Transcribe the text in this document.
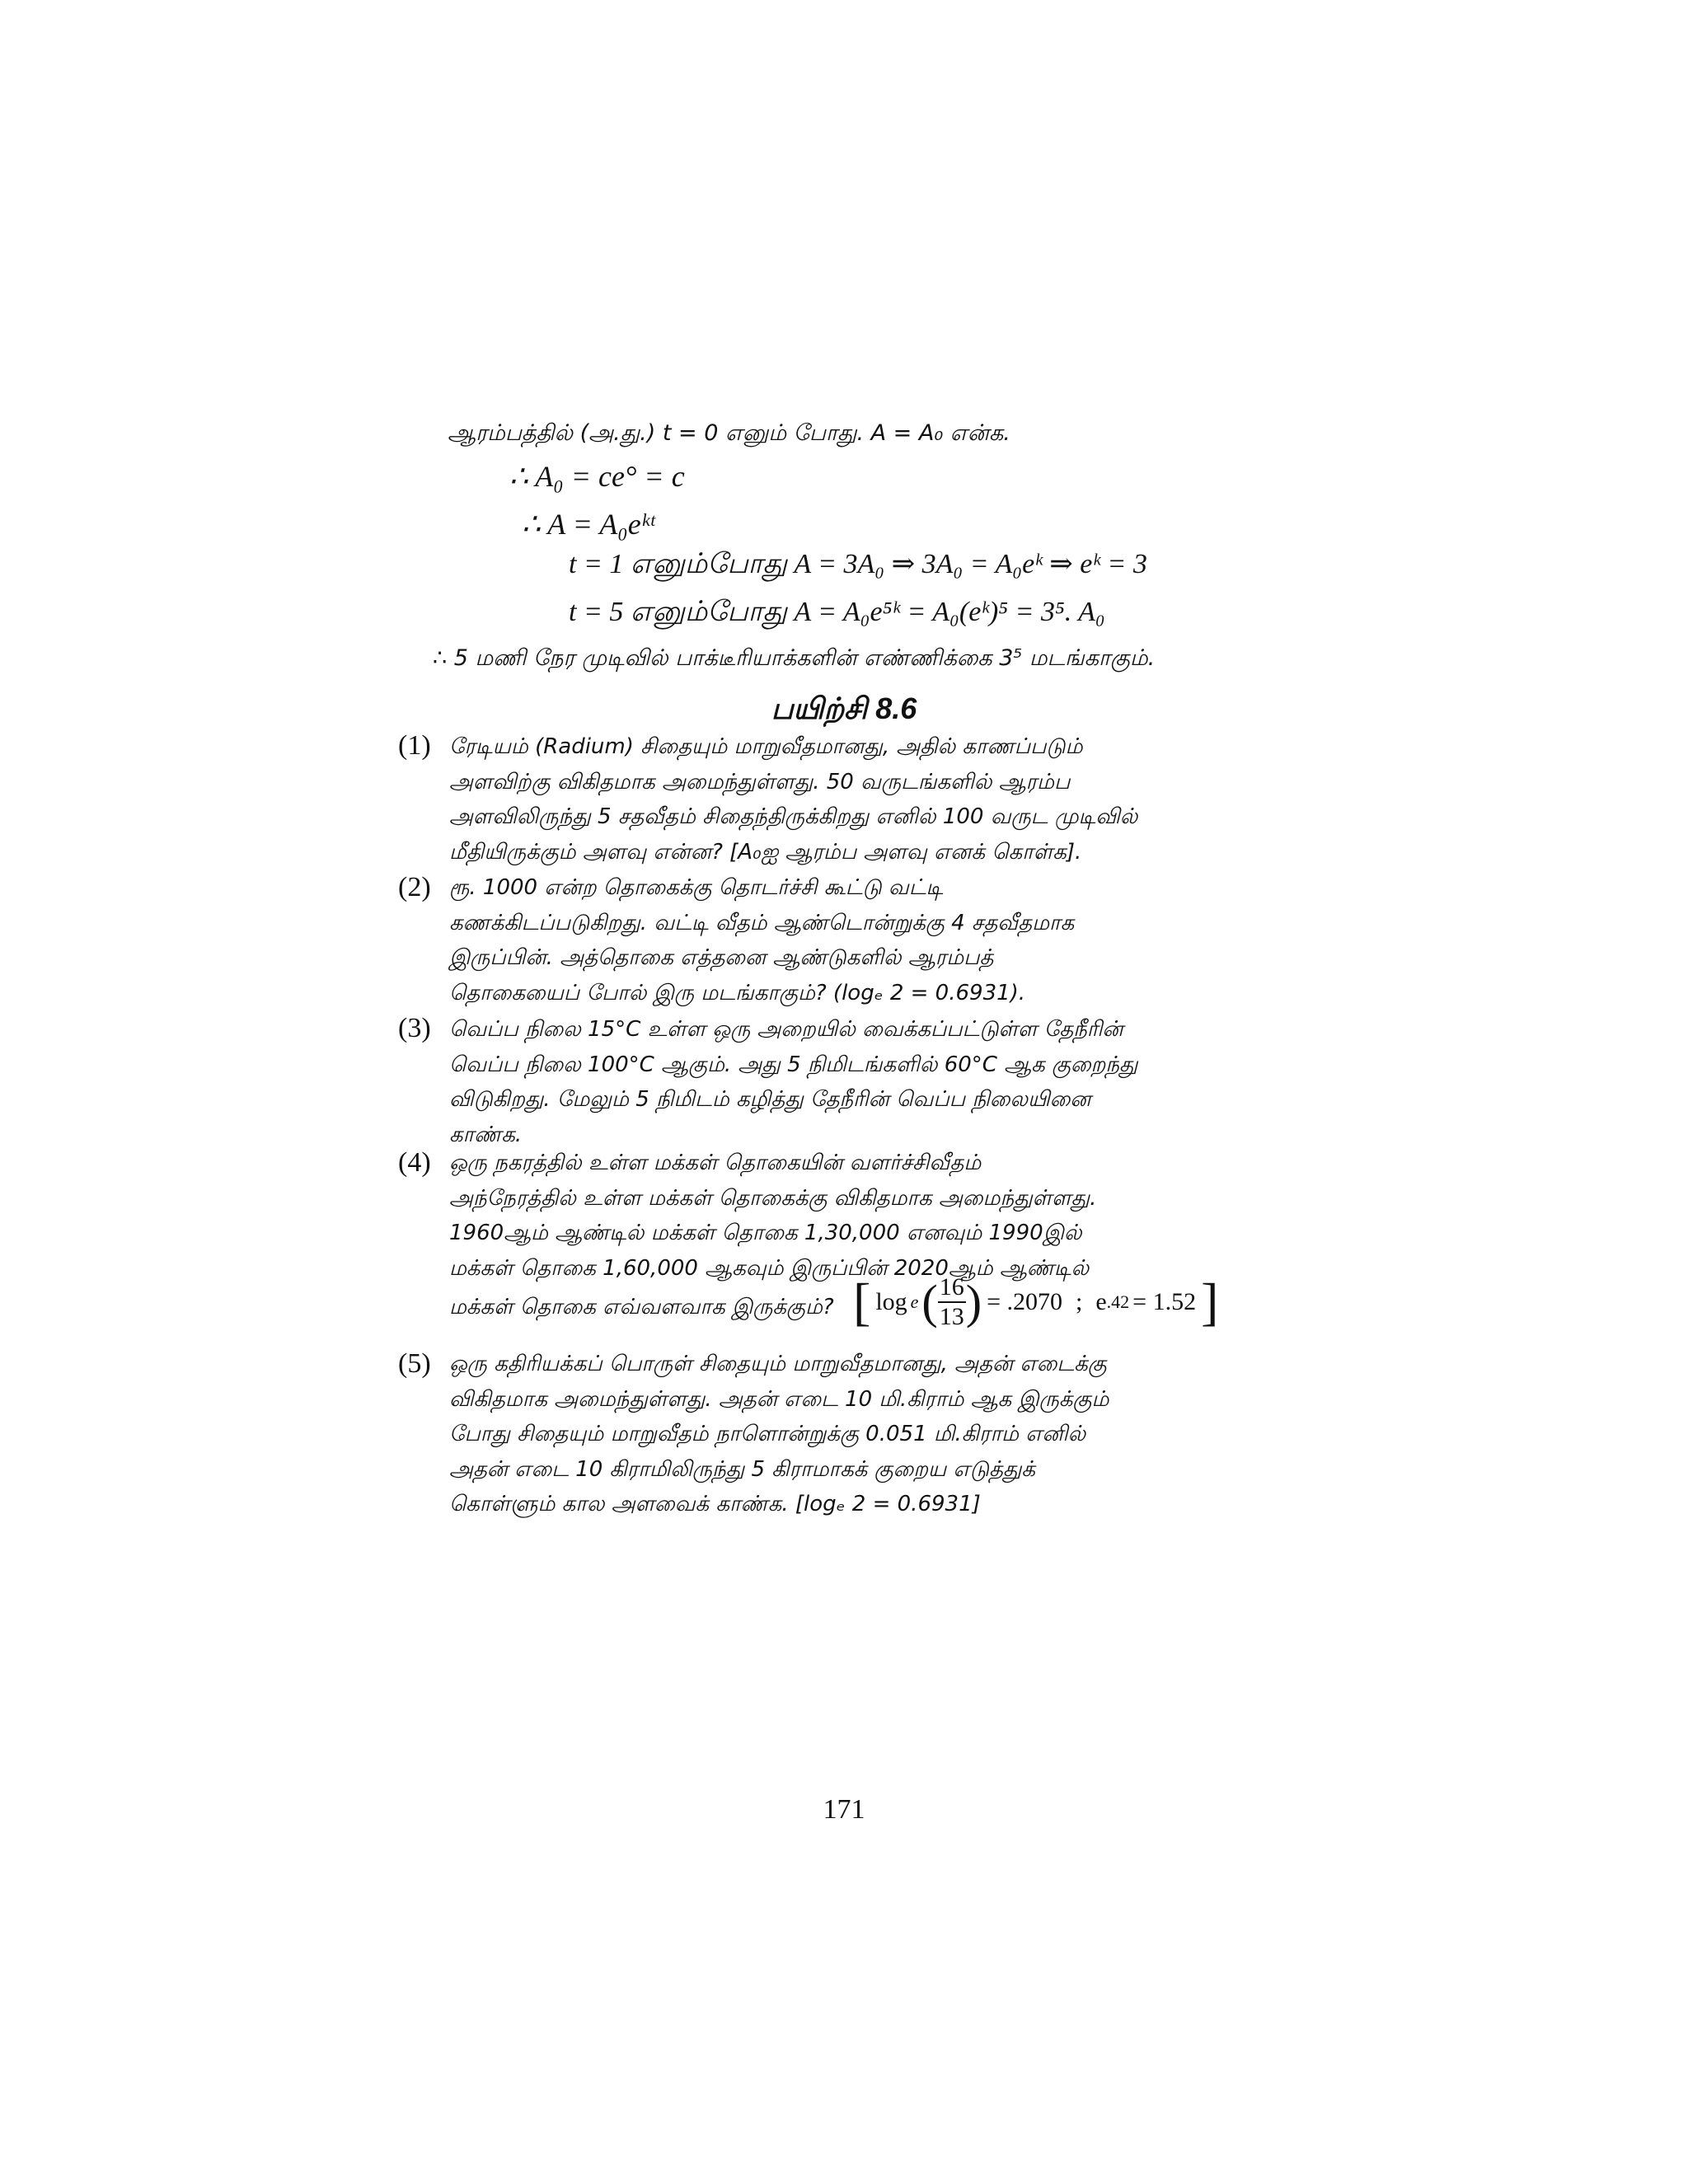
ஆரம்பத்தில் (அ.து.) t = 0 எனும் போது. A = A₀ என்க.
∴ A₀ = ce° = c
∴ A = A₀eᵏᵗ
t = 1 எனும்போது A = 3A₀ ⇒ 3A₀ = A₀eᵏ ⇒ eᵏ = 3
t = 5 எனும்போது A = A₀e⁵ᵏ = A₀(eᵏ)⁵ = 3⁵. A₀
∴ 5 மணி நேர முடிவில் பாக்டீரியாக்களின் எண்ணிக்கை 3⁵ மடங்காகும்.
பயிற்சி 8.6
(1) ரேடியம் (Radium) சிதையும் மாறுவீதமானது, அதில் காணப்படும்
அளவிற்கு விகிதமாக அமைந்துள்ளது. 50 வருடங்களில் ஆரம்ப
அளவிலிருந்து 5 சதவீதம் சிதைந்திருக்கிறது எனில் 100 வருட முடிவில்
மீதியிருக்கும் அளவு என்ன? [A₀ஐ ஆரம்ப அளவு எனக் கொள்க].
(2) ரூ. 1000 என்ற தொகைக்கு தொடர்ச்சி கூட்டு வட்டி
கணக்கிடப்படுகிறது. வட்டி வீதம் ஆண்டொன்றுக்கு 4 சதவீதமாக
இருப்பின். அத்தொகை எத்தனை ஆண்டுகளில் ஆரம்பத்
தொகையைப் போல் இரு மடங்காகும்? (logₑ 2 = 0.6931).
(3) வெப்ப நிலை 15°C உள்ள ஒரு அறையில் வைக்கப்பட்டுள்ள தேநீரின்
வெப்ப நிலை 100°C ஆகும். அது 5 நிமிடங்களில் 60°C ஆக குறைந்து
விடுகிறது. மேலும் 5 நிமிடம் கழித்து தேநீரின் வெப்ப நிலையினை
காண்க.
(4) ஒரு நகரத்தில் உள்ள மக்கள் தொகையின் வளர்ச்சிவீதம்
அந்நேரத்தில் உள்ள மக்கள் தொகைக்கு விகிதமாக அமைந்துள்ளது.
1960ஆம் ஆண்டில் மக்கள் தொகை 1,30,000 எனவும் 1990இல்
மக்கள் தொகை 1,60,000 ஆகவும் இருப்பின் 2020ஆம் ஆண்டில்
மக்கள் தொகை எவ்வளவாக இருக்கும்? [ log e ( $\frac{16}{13}$ ) = .2070 ; e .42 = 1.52 ]
(5) ஒரு கதிரியக்கப் பொருள் சிதையும் மாறுவீதமானது, அதன் எடைக்கு
விகிதமாக அமைந்துள்ளது. அதன் எடை 10 மி.கிராம் ஆக இருக்கும்
போது சிதையும் மாறுவீதம் நாளொன்றுக்கு 0.051 மி.கிராம் எனில்
அதன் எடை 10 கிராமிலிருந்து 5 கிராமாகக் குறைய எடுத்துக்
கொள்ளும் கால அளவைக் காண்க. [logₑ 2 = 0.6931]
171
